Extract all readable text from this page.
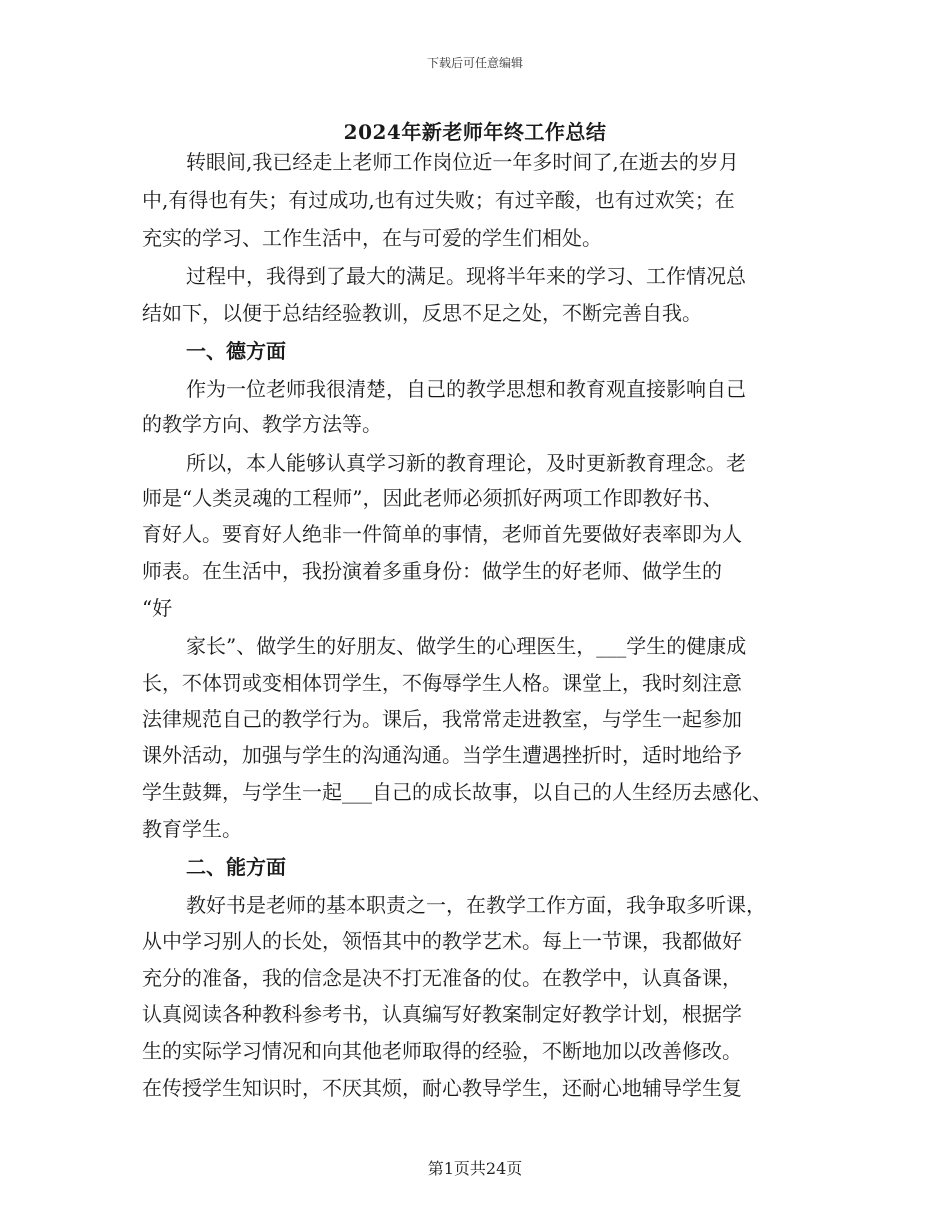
下载后可任意编辑
2024年新老师年终工作总结
转眼间,我已经走上老师工作岗位近一年多时间了,在逝去的岁月
中,有得也有失；有过成功,也有过失败；有过辛酸，也有过欢笑；在
充实的学习、工作生活中，在与可爱的学生们相处。
过程中，我得到了最大的满足。现将半年来的学习、工作情况总
结如下，以便于总结经验教训，反思不足之处，不断完善自我。
一、德方面
作为一位老师我很清楚，自己的教学思想和教育观直接影响自己
的教学方向、教学方法等。
所以，本人能够认真学习新的教育理论，及时更新教育理念。老
师是“人类灵魂的工程师”，因此老师必须抓好两项工作即教好书、
育好人。要育好人绝非一件简单的事情，老师首先要做好表率即为人
师表。在生活中，我扮演着多重身份：做学生的好老师、做学生的
“好
家长”、做学生的好朋友、做学生的心理医生，___学生的健康成
长，不体罚或变相体罚学生，不侮辱学生人格。课堂上，我时刻注意
法律规范自己的教学行为。课后，我常常走进教室，与学生一起参加
课外活动，加强与学生的沟通沟通。当学生遭遇挫折时，适时地给予
学生鼓舞，与学生一起___自己的成长故事，以自己的人生经历去感化、
教育学生。
二、能方面
教好书是老师的基本职责之一，在教学工作方面，我争取多听课，
从中学习别人的长处，领悟其中的教学艺术。每上一节课，我都做好
充分的准备，我的信念是决不打无准备的仗。在教学中，认真备课，
认真阅读各种教科参考书，认真编写好教案制定好教学计划，根据学
生的实际学习情况和向其他老师取得的经验，不断地加以改善修改。
在传授学生知识时，不厌其烦，耐心教导学生，还耐心地辅导学生复
第1页共24页
